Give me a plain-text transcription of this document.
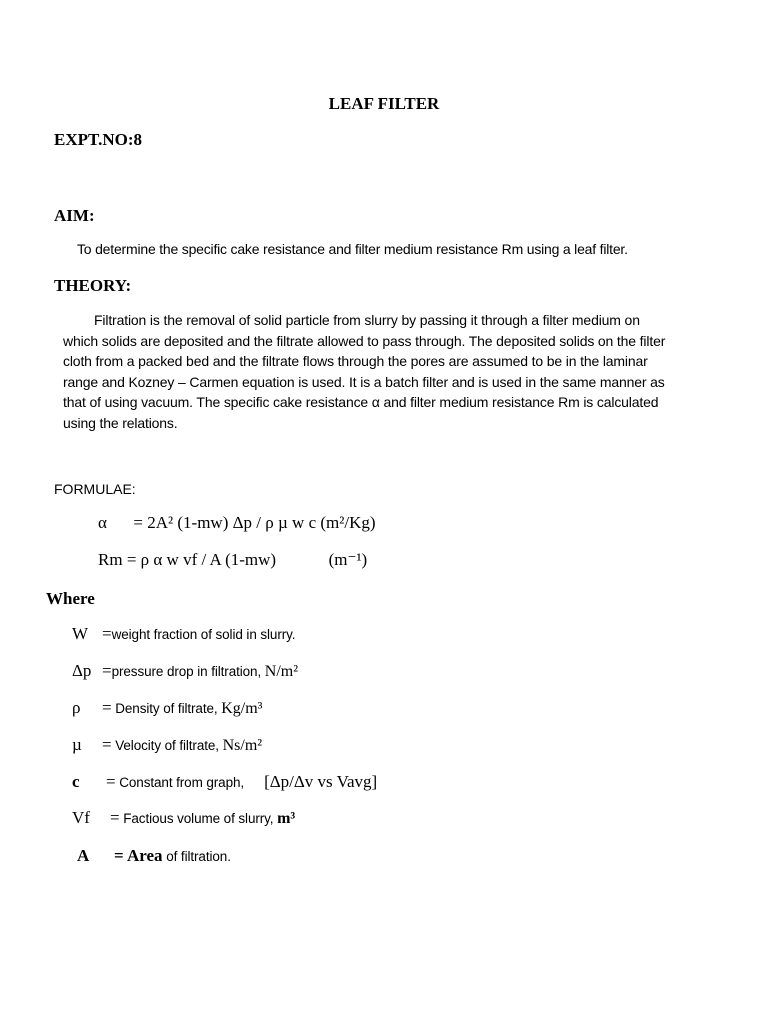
LEAF FILTER
EXPT.NO:8
AIM:
To determine the specific cake resistance and filter medium resistance Rm using a leaf filter.
THEORY:
Filtration is the removal of solid particle from slurry by passing it through a filter medium on
which solids are deposited and the filtrate allowed to pass through. The deposited solids on the filter
cloth from a packed bed and the filtrate flows through the pores are assumed to be in the laminar
range and Kozney – Carmen equation is used. It is a batch filter and is used in the same manner as
that of using vacuum. The specific cake resistance α and filter medium resistance Rm is calculated
using the relations.
FORMULAE:
α = 2A² (1-mw) Δp / ρ µ w c (m²/Kg)
Rm = ρ α w vf / A (1-mw)	(m⁻¹)
Where
W =weight fraction of solid in slurry.
Δp =pressure drop in filtration, N/m²
ρ = Density of filtrate, Kg/m³
µ = Velocity of filtrate, Ns/m²
c = Constant from graph, [Δp/Δv vs Vavg]
Vf = Factious volume of slurry, m³
A = Area of filtration.
